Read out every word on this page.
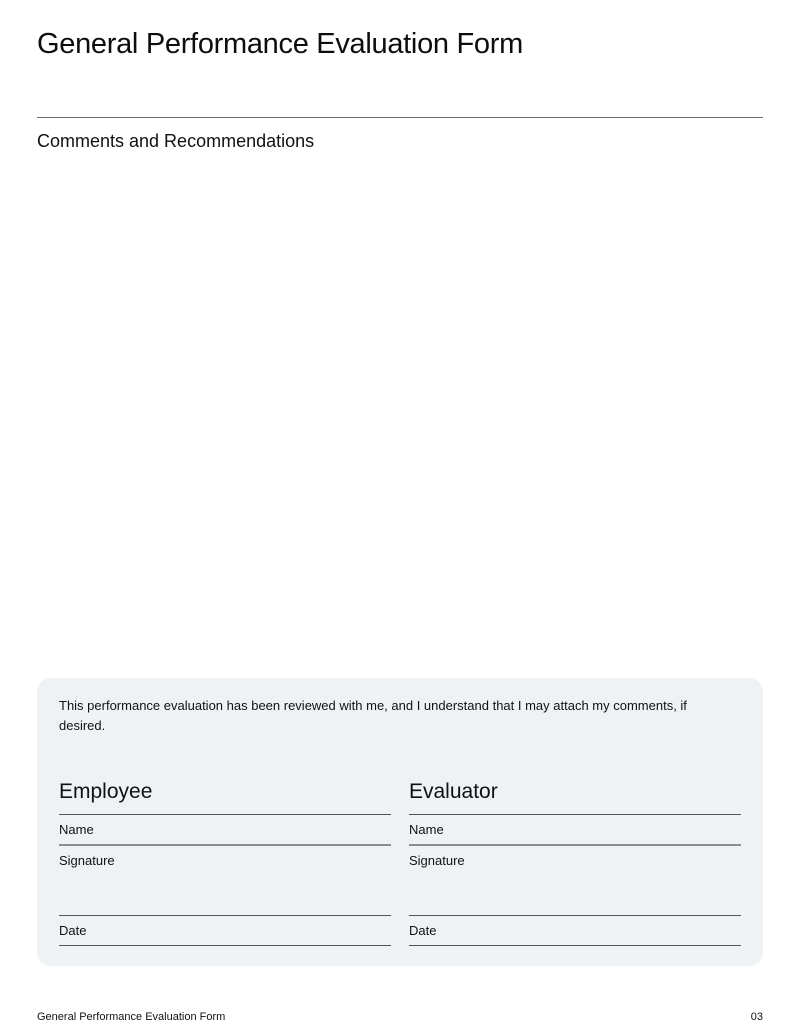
General Performance Evaluation Form
Comments and Recommendations

This performance evaluation has been reviewed with me, and I understand that I may attach my comments, if desired.

Employee
Name
Signature
Date
Evaluator
Name
Signature
Date
General Performance Evaluation Form	03
